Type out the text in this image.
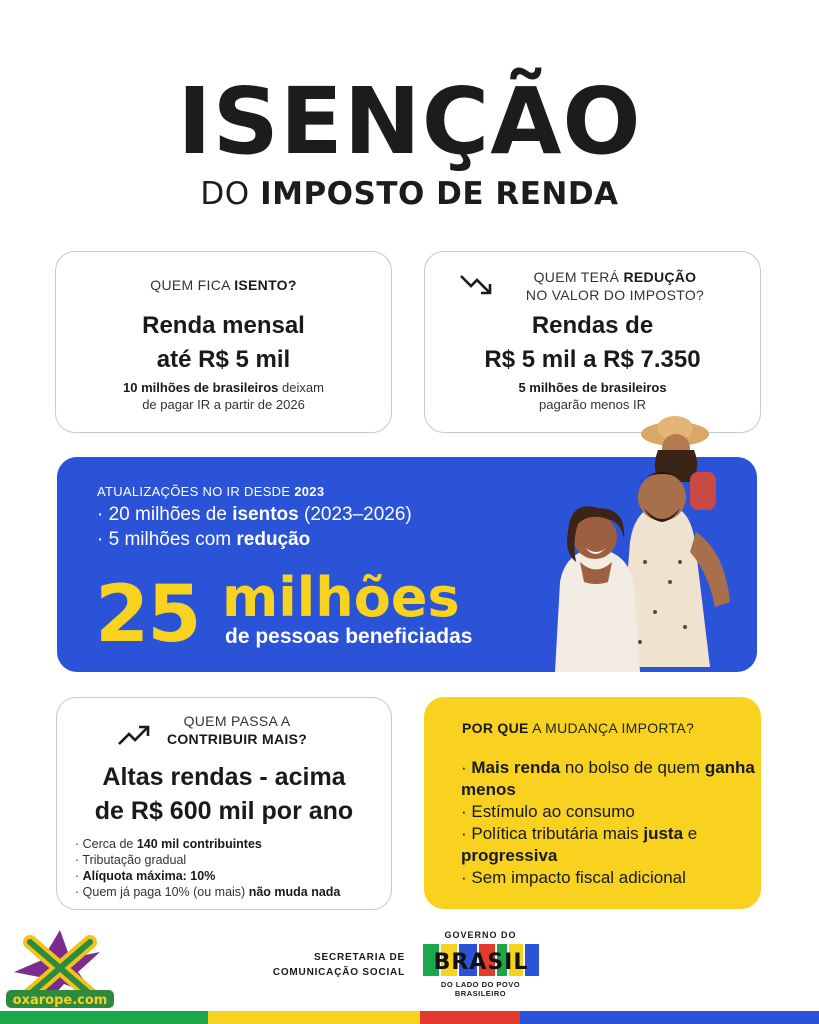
ISENÇÃO
DO IMPOSTO DE RENDA
QUEM FICA ISENTO?
Renda mensal
até R$ 5 mil
10 milhões de brasileiros deixam
de pagar IR a partir de 2026
QUEM TERÁ REDUÇÃO
NO VALOR DO IMPOSTO?
Rendas de
R$ 5 mil a R$ 7.350
5 milhões de brasileiros
pagarão menos IR
ATUALIZAÇÕES NO IR DESDE 2023
· 20 milhões de isentos (2023–2026)
· 5 milhões com redução
25 milhões
de pessoas beneficiadas
QUEM PASSA A
CONTRIBUIR MAIS?
Altas rendas - acima
de R$ 600 mil por ano
· Cerca de 140 mil contribuintes
· Tributação gradual
· Alíquota máxima: 10%
· Quem já paga 10% (ou mais) não muda nada
POR QUE A MUDANÇA IMPORTA?
· Mais renda no bolso de quem ganha menos
· Estímulo ao consumo
· Política tributária mais justa e progressiva
· Sem impacto fiscal adicional
oxarope.com
SECRETARIA DE
COMUNICAÇÃO SOCIAL
GOVERNO DO
BRASIL
DO LADO DO POVO BRASILEIRO
